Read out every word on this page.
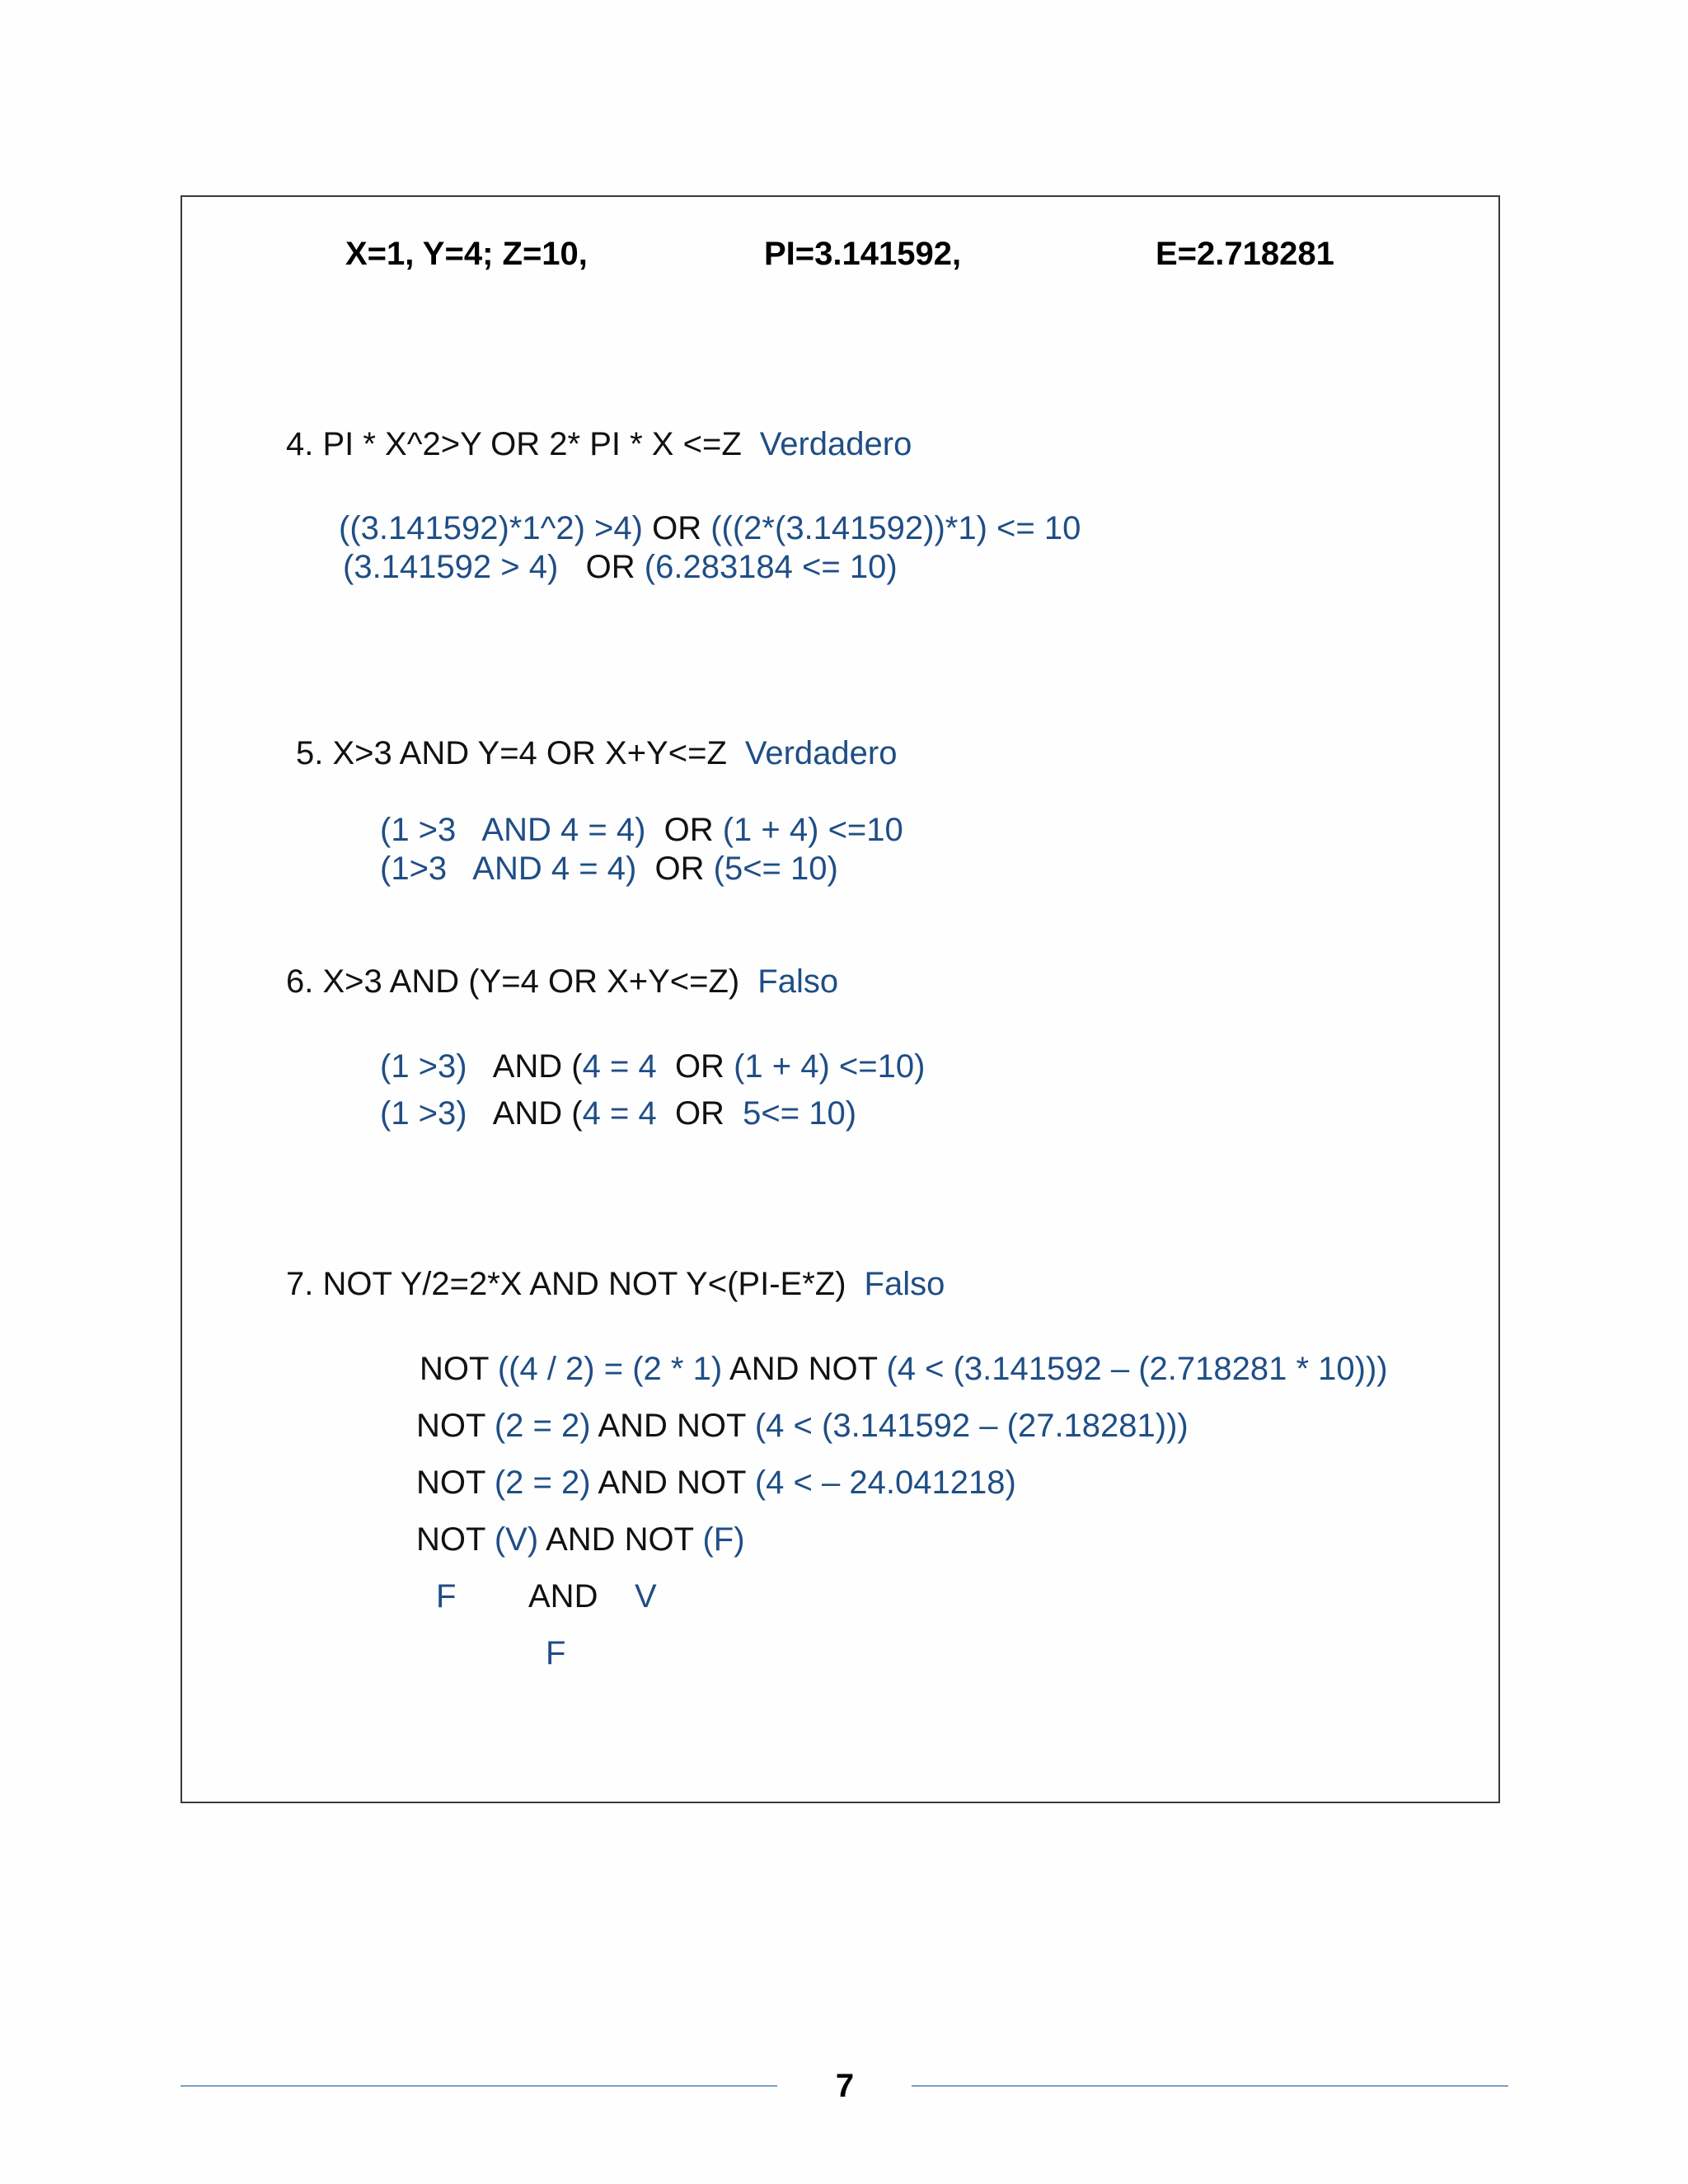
X=1, Y=4; Z=10,	PI=3.141592,	E=2.718281
4. PI * X^2>Y OR 2* PI * X <=Z Verdadero
((3.141592)*1^2) >4) OR (((2*(3.141592))*1) <= 10
(3.141592 > 4)   OR (6.283184 <= 10)
5. X>3 AND Y=4 OR X+Y<=Z Verdadero
(1 >3   AND 4 = 4)  OR (1 + 4) <=10
(1>3   AND 4 = 4)  OR (5<= 10)
6. X>3 AND (Y=4 OR X+Y<=Z) Falso
(1 >3)   AND (4 = 4  OR (1 + 4) <=10)
(1 >3)   AND (4 = 4  OR  5<= 10)
7. NOT Y/2=2*X AND NOT Y<(PI-E*Z) Falso
NOT ((4 / 2) = (2 * 1) AND NOT (4 < (3.141592 – (2.718281 * 10)))
NOT (2 = 2) AND NOT (4 < (3.141592 – (27.18281)))
NOT (2 = 2) AND NOT (4 < – 24.041218)
NOT (V) AND NOT (F)
F AND V
F
7
